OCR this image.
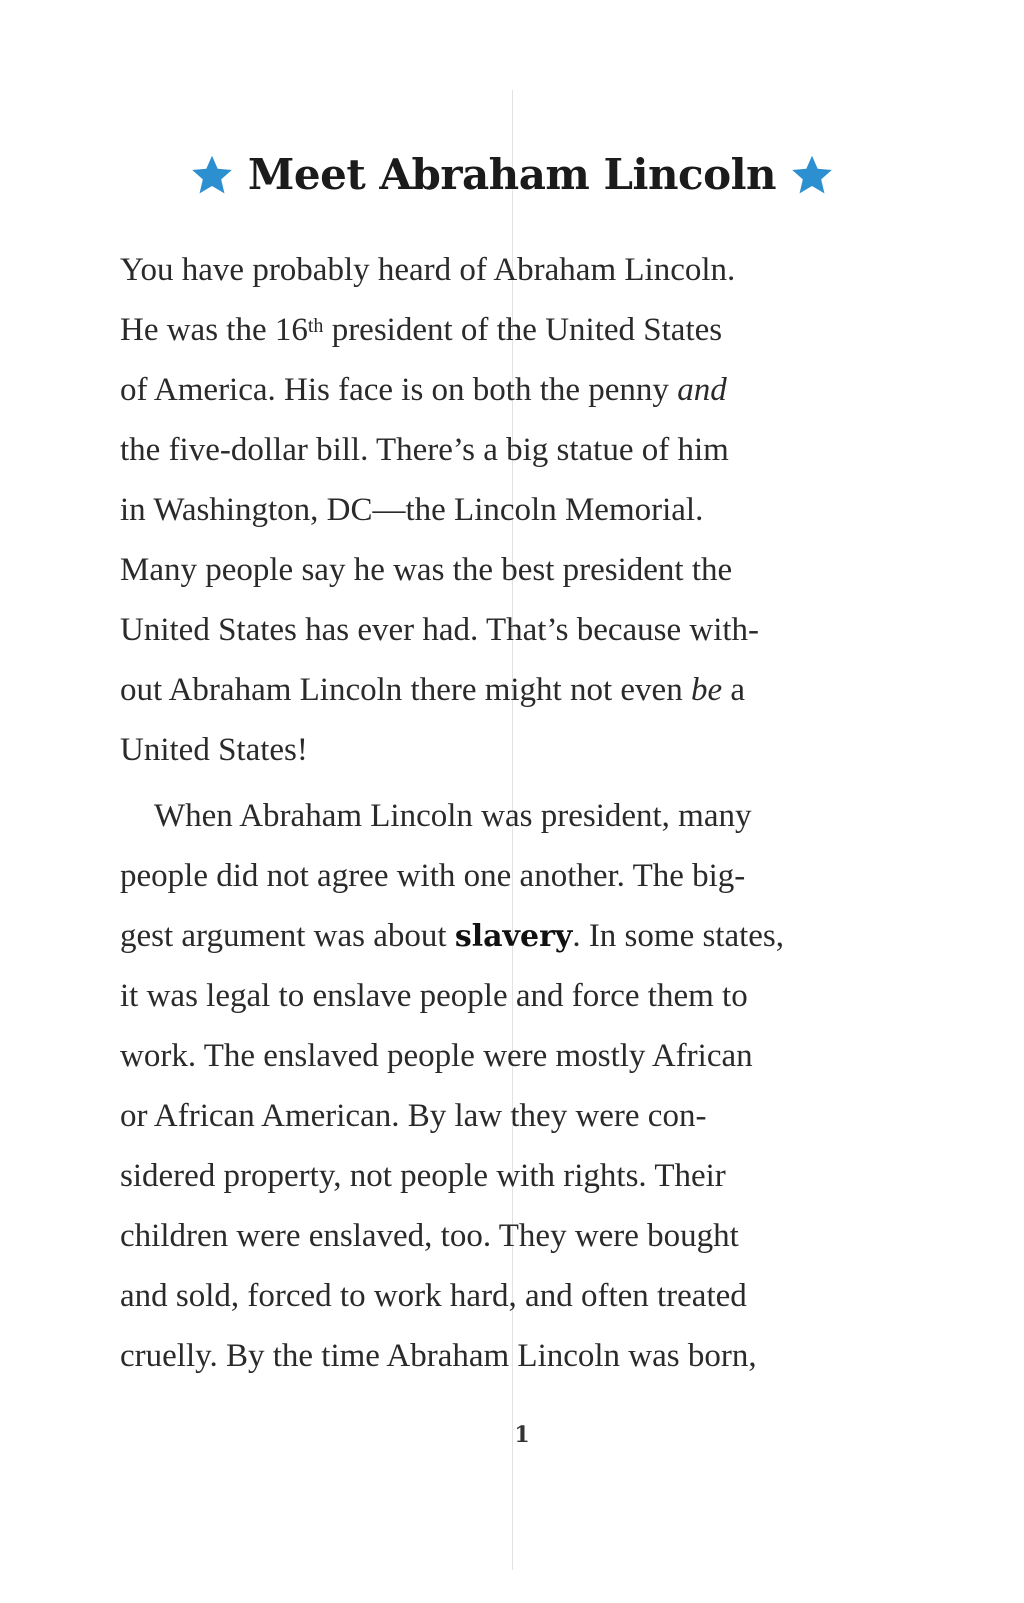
Meet Abraham Lincoln
You have probably heard of Abraham Lincoln.
He was the 16th president of the United States
of America. His face is on both the penny and
the five-dollar bill. There’s a big statue of him
in Washington, DC—the Lincoln Memorial.
Many people say he was the best president the
United States has ever had. That’s because with-
out Abraham Lincoln there might not even be a
United States!
When Abraham Lincoln was president, many
people did not agree with one another. The big-
gest argument was about slavery. In some states,
it was legal to enslave people and force them to
work. The enslaved people were mostly African
or African American. By law they were con-
sidered property, not people with rights. Their
children were enslaved, too. They were bought
and sold, forced to work hard, and often treated
cruelly. By the time Abraham Lincoln was born,
1
